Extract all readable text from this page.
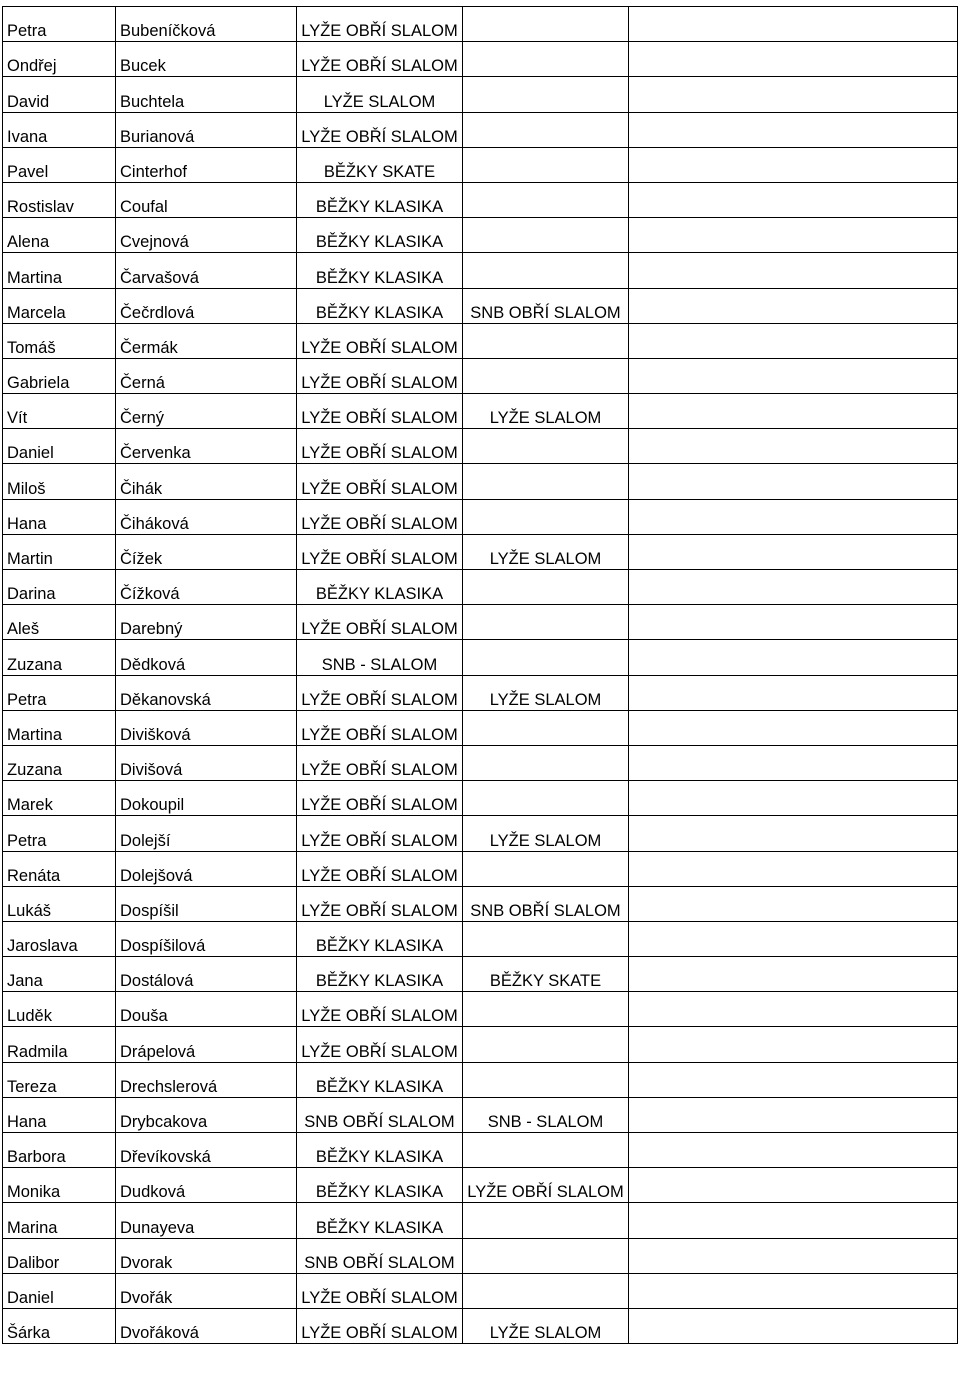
Petra	Bubeníčková	LYŽE OBŘÍ SLALOM		
Ondřej	Bucek	LYŽE OBŘÍ SLALOM		
David	Buchtela	LYŽE SLALOM		
Ivana	Burianová	LYŽE OBŘÍ SLALOM		
Pavel	Cinterhof	BĚŽKY SKATE		
Rostislav	Coufal	BĚŽKY KLASIKA		
Alena	Cvejnová	BĚŽKY KLASIKA		
Martina	Čarvašová	BĚŽKY KLASIKA		
Marcela	Čečrdlová	BĚŽKY KLASIKA	SNB OBŘÍ SLALOM	
Tomáš	Čermák	LYŽE OBŘÍ SLALOM		
Gabriela	Černá	LYŽE OBŘÍ SLALOM		
Vít	Černý	LYŽE OBŘÍ SLALOM	LYŽE SLALOM	
Daniel	Červenka	LYŽE OBŘÍ SLALOM		
Miloš	Čihák	LYŽE OBŘÍ SLALOM		
Hana	Čiháková	LYŽE OBŘÍ SLALOM		
Martin	Čížek	LYŽE OBŘÍ SLALOM	LYŽE SLALOM	
Darina	Čížková	BĚŽKY KLASIKA		
Aleš	Darebný	LYŽE OBŘÍ SLALOM		
Zuzana	Dědková	SNB - SLALOM		
Petra	Děkanovská	LYŽE OBŘÍ SLALOM	LYŽE SLALOM	
Martina	Divišková	LYŽE OBŘÍ SLALOM		
Zuzana	Divišová	LYŽE OBŘÍ SLALOM		
Marek	Dokoupil	LYŽE OBŘÍ SLALOM		
Petra	Dolejší	LYŽE OBŘÍ SLALOM	LYŽE SLALOM	
Renáta	Dolejšová	LYŽE OBŘÍ SLALOM		
Lukáš	Dospíšil	LYŽE OBŘÍ SLALOM	SNB OBŘÍ SLALOM	
Jaroslava	Dospíšilová	BĚŽKY KLASIKA		
Jana	Dostálová	BĚŽKY KLASIKA	BĚŽKY SKATE	
Luděk	Douša	LYŽE OBŘÍ SLALOM		
Radmila	Drápelová	LYŽE OBŘÍ SLALOM		
Tereza	Drechslerová	BĚŽKY KLASIKA		
Hana	Drybcakova	SNB OBŘÍ SLALOM	SNB - SLALOM	
Barbora	Dřevíkovská	BĚŽKY KLASIKA		
Monika	Dudková	BĚŽKY KLASIKA	LYŽE OBŘÍ SLALOM	
Marina	Dunayeva	BĚŽKY KLASIKA		
Dalibor	Dvorak	SNB OBŘÍ SLALOM		
Daniel	Dvořák	LYŽE OBŘÍ SLALOM		
Šárka	Dvořáková	LYŽE OBŘÍ SLALOM	LYŽE SLALOM	
